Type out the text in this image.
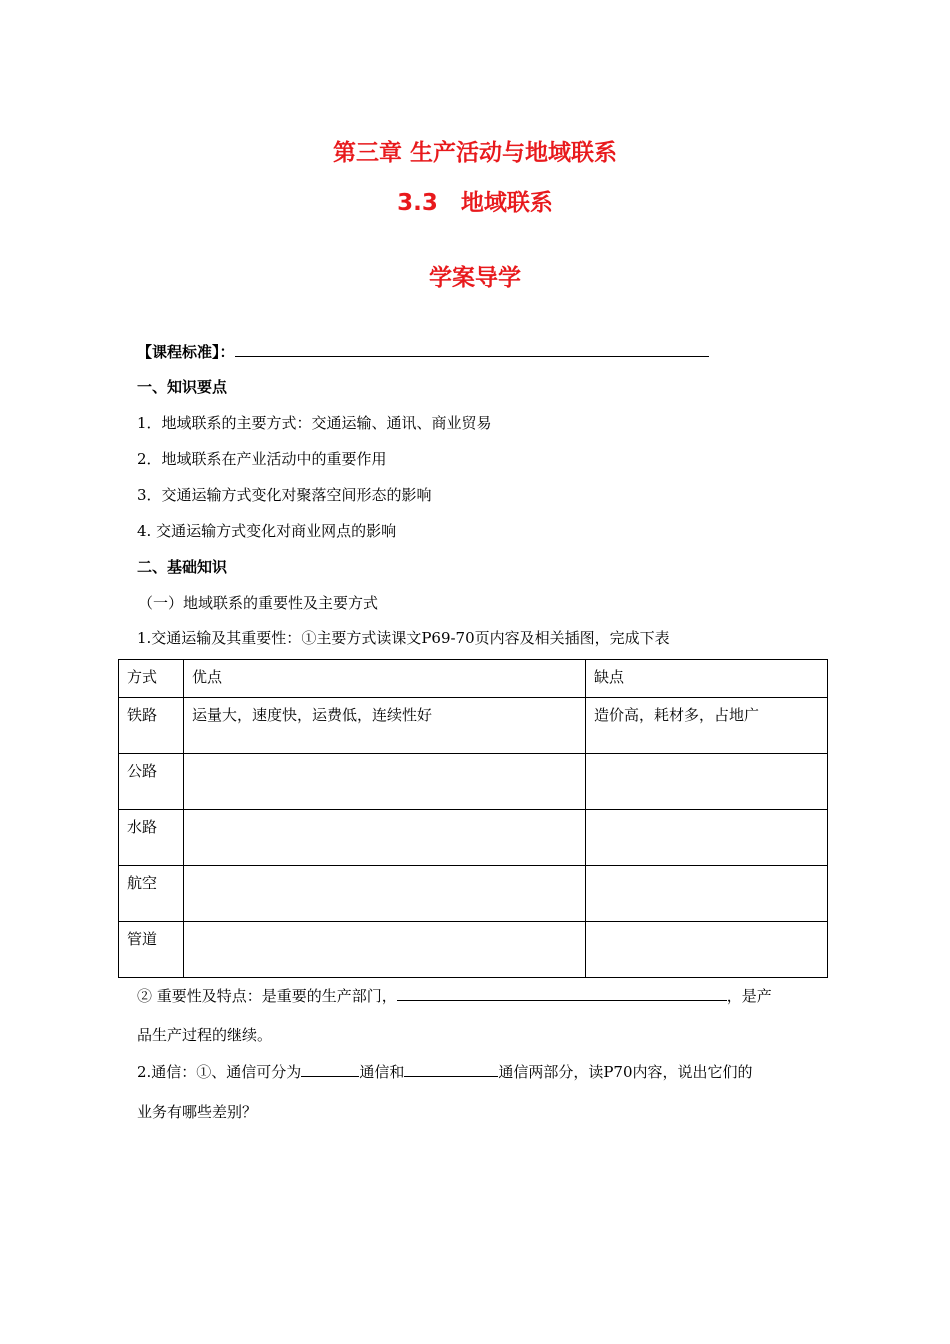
第三章 生产活动与地域联系
3.3　地域联系
学案导学
【课程标准】：
一、知识要点
1．地域联系的主要方式：交通运输、通讯、商业贸易
2．地域联系在产业活动中的重要作用
3．交通运输方式变化对聚落空间形态的影响
4. 交通运输方式变化对商业网点的影响
二、基础知识
（一）地域联系的重要性及主要方式
1.交通运输及其重要性：①主要方式读课文P69-70页内容及相关插图，完成下表
方式	优点	缺点
铁路	运量大，速度快，运费低，连续性好	造价高，耗材多，占地广
公路		
水路		
航空		
管道		
② 重要性及特点：是重要的生产部门，	，是产
品生产过程的继续。
2.通信：①、通信可分为	通信和	通信两部分，读P70内容，说出它们的
业务有哪些差别？
